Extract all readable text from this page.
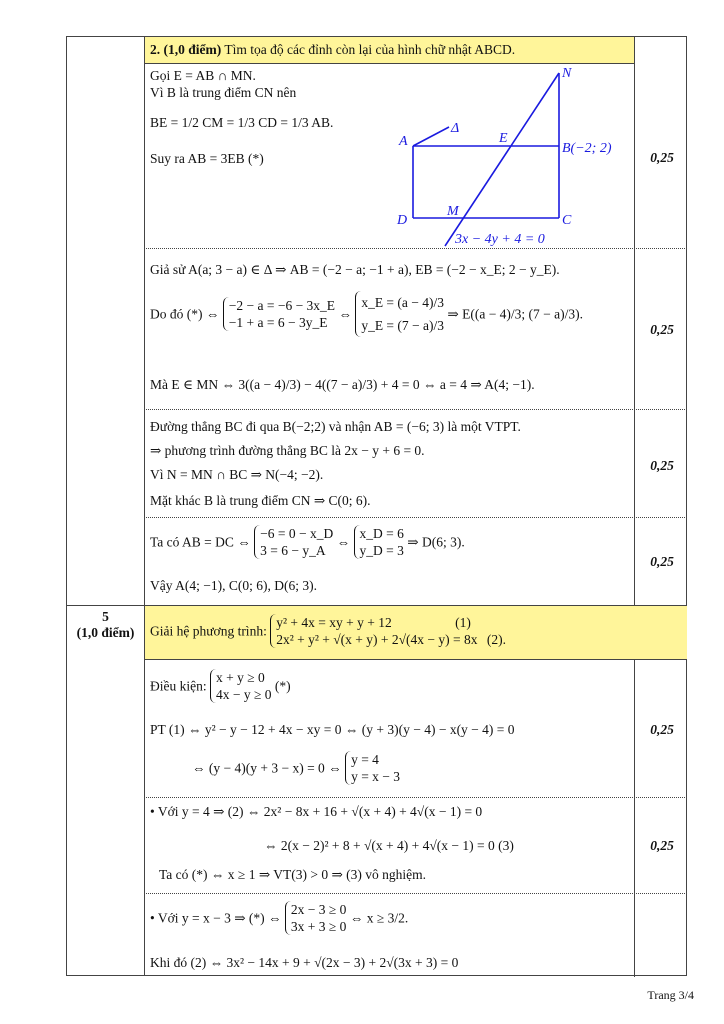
5
(1,0 điểm)
2. (1,0 điểm) Tìm tọa độ các đỉnh còn lại của hình chữ nhật ABCD.
Gọi E = AB ∩ MN.
Vì B là trung điểm CN nên
BE = 1/2 CM = 1/3 CD = 1/3 AB.
Suy ra AB = 3EB (*)
A	B(−2; 2)
C
D
E
M
N
Δ
3x − 4y + 4 = 0
Giả sử A(a; 3 − a) ∈ Δ ⇒ AB = (−2 − a; −1 + a), EB = (−2 − x_E; 2 − y_E).
Do đó (*) ⇔
−2 − a = −6 − 3x_E
−1 + a = 6 − 3y_E
⇔
x_E = (a − 4)/3
y_E = (7 − a)/3
⇒ E((a − 4)/3; (7 − a)/3).
Mà E ∈ MN ⇔ 3((a − 4)/3) − 4((7 − a)/3) + 4 = 0 ⇔ a = 4 ⇒ A(4; −1).
Đường thẳng BC đi qua B(−2;2) và nhận AB = (−6; 3) là một VTPT.
⇒ phương trình đường thẳng BC là 2x − y + 6 = 0.
Vì N = MN ∩ BC ⇒ N(−4; −2).
Mặt khác B là trung điểm CN ⇒ C(0; 6).
Ta có AB = DC ⇔
−6 = 0 − x_D
3 = 6 − y_A
⇔
x_D = 6
y_D = 3
⇒ D(6; 3).
Vậy A(4; −1), C(0; 6), D(6; 3).
Giải hệ phương trình:
y² + 4x = xy + y + 12	(1)
2x² + y² + √(x + y) + 2√(4x − y) = 8x (2).
Điều kiện:
x + y ≥ 0
4x − y ≥ 0
(*)
PT (1) ⇔ y² − y − 12 + 4x − xy = 0 ⇔ (y + 3)(y − 4) − x(y − 4) = 0
⇔ (y − 4)(y + 3 − x) = 0 ⇔
y = 4
y = x − 3
• Với y = 4 ⇒ (2) ⇔ 2x² − 8x + 16 + √(x + 4) + 4√(x − 1) = 0
⇔ 2(x − 2)² + 8 + √(x + 4) + 4√(x − 1) = 0 (3)
Ta có (*) ⇔ x ≥ 1 ⇒ VT(3) > 0 ⇒ (3) vô nghiệm.
• Với y = x − 3 ⇒ (*) ⇔
2x − 3 ≥ 0
3x + 3 ≥ 0
⇔ x ≥ 3/2.
Khi đó (2) ⇔ 3x² − 14x + 9 + √(2x − 3) + 2√(3x + 3) = 0
0,25
0,25
0,25
0,25
0,25
0,25
Trang 3/4
